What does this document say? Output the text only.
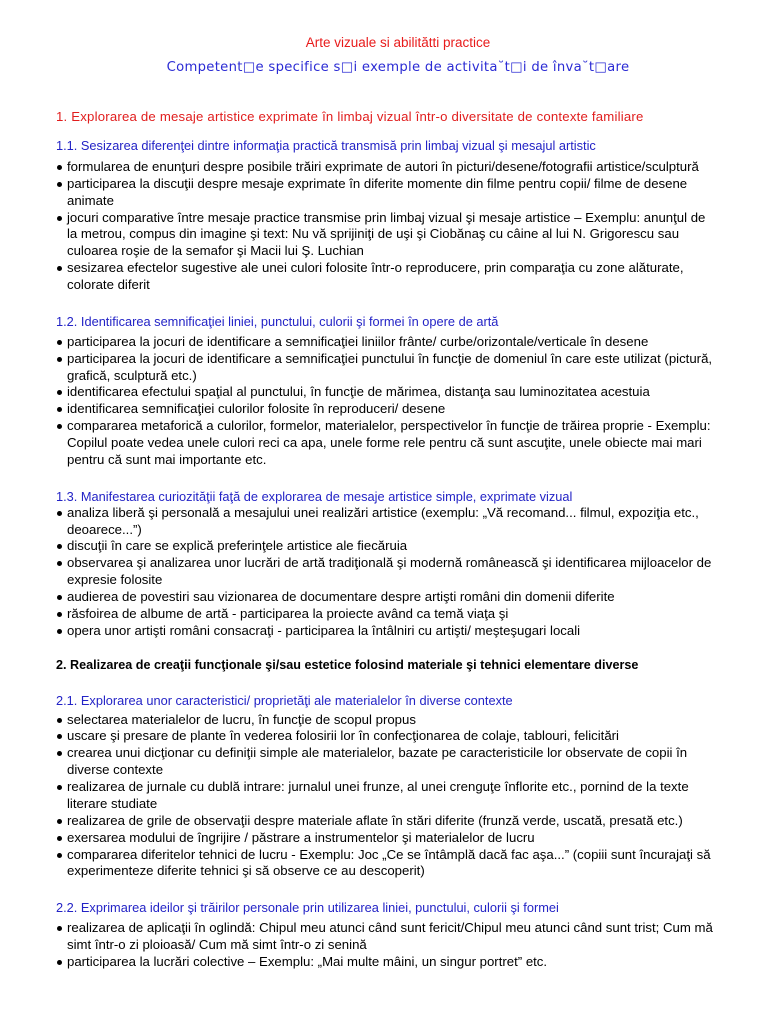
Arte vizuale si abilitătti practice
Competent□e specifice s□i exemple de activita˘t□i de înva˘t□are
1. Explorarea de mesaje artistice exprimate în limbaj vizual într-o diversitate de contexte familiare
1.1. Sesizarea diferenţei dintre informaţia practică transmisă prin limbaj vizual şi mesajul artistic
formularea de enunţuri despre posibile trăiri exprimate de autori în picturi/desene/fotografii artistice/sculptură
participarea la discuţii despre mesaje exprimate în diferite momente din filme pentru copii/ filme de desene animate
jocuri comparative între mesaje practice transmise prin limbaj vizual şi mesaje artistice – Exemplu: anunţul de la metrou, compus din imagine şi text: Nu vă sprijiniţi de uşi şi Ciobănaş cu câine al lui N. Grigorescu sau culoarea roşie de la semafor şi Macii lui Ş. Luchian
sesizarea efectelor sugestive ale unei culori folosite într-o reproducere, prin comparaţia cu zone alăturate, colorate diferit
1.2. Identificarea semnificaţiei liniei, punctului, culorii şi formei în opere de artă
participarea la jocuri de identificare a semnificaţiei liniilor frânte/ curbe/orizontale/verticale în desene
participarea la jocuri de identificare a semnificaţiei punctului în funcţie de domeniul în care este utilizat (pictură, grafică, sculptură etc.)
identificarea efectului spaţial al punctului, în funcţie de mărimea, distanţa sau luminozitatea acestuia
identificarea semnificaţiei culorilor folosite în reproduceri/ desene
compararea metaforică a culorilor, formelor, materialelor, perspectivelor în funcţie de trăirea proprie - Exemplu: Copilul poate vedea unele culori reci ca apa, unele forme rele pentru că sunt ascuţite, unele obiecte mai mari pentru că sunt mai importante etc.
1.3. Manifestarea curiozităţii faţă de explorarea de mesaje artistice simple, exprimate vizual
analiza liberă şi personală a mesajului unei realizări artistice (exemplu: „Vă recomand... filmul, expoziţia etc., deoarece...”)
discuţii în care se explică preferinţele artistice ale fiecăruia
observarea şi analizarea unor lucrări de artă tradiţională şi modernă românească şi identificarea mijloacelor de expresie folosite
audierea de povestiri sau vizionarea de documentare despre artişti români din domenii diferite
răsfoirea de albume de artă - participarea la proiecte având ca temă viaţa şi
opera unor artişti români consacraţi - participarea la întâlniri cu artişti/ meşteşugari locali
2. Realizarea de creaţii funcţionale şi/sau estetice folosind materiale şi tehnici elementare diverse
2.1. Explorarea unor caracteristici/ proprietăţi ale materialelor în diverse contexte
selectarea materialelor de lucru, în funcţie de scopul propus
uscare şi presare de plante în vederea folosirii lor în confecţionarea de colaje, tablouri, felicitări
crearea unui dicţionar cu definiţii simple ale materialelor, bazate pe caracteristicile lor observate de copii în diverse contexte
realizarea de jurnale cu dublă intrare: jurnalul unei frunze, al unei crenguţe înflorite etc., pornind de la texte literare studiate
realizarea de grile de observaţii despre materiale aflate în stări diferite (frunză verde, uscată, presată etc.)
exersarea modului de îngrijire / păstrare a instrumentelor şi materialelor de lucru
compararea diferitelor tehnici de lucru - Exemplu: Joc „Ce se întâmplă dacă fac aşa...” (copiii sunt încurajaţi să experimenteze diferite tehnici şi să observe ce au descoperit)
2.2. Exprimarea ideilor şi trăirilor personale prin utilizarea liniei, punctului, culorii şi formei
realizarea de aplicaţii în oglindă: Chipul meu atunci când sunt fericit/Chipul meu atunci când sunt trist; Cum mă simt într-o zi ploioasă/ Cum mă simt într-o zi senină
participarea la lucrări colective – Exemplu: „Mai multe mâini, un singur portret” etc.
